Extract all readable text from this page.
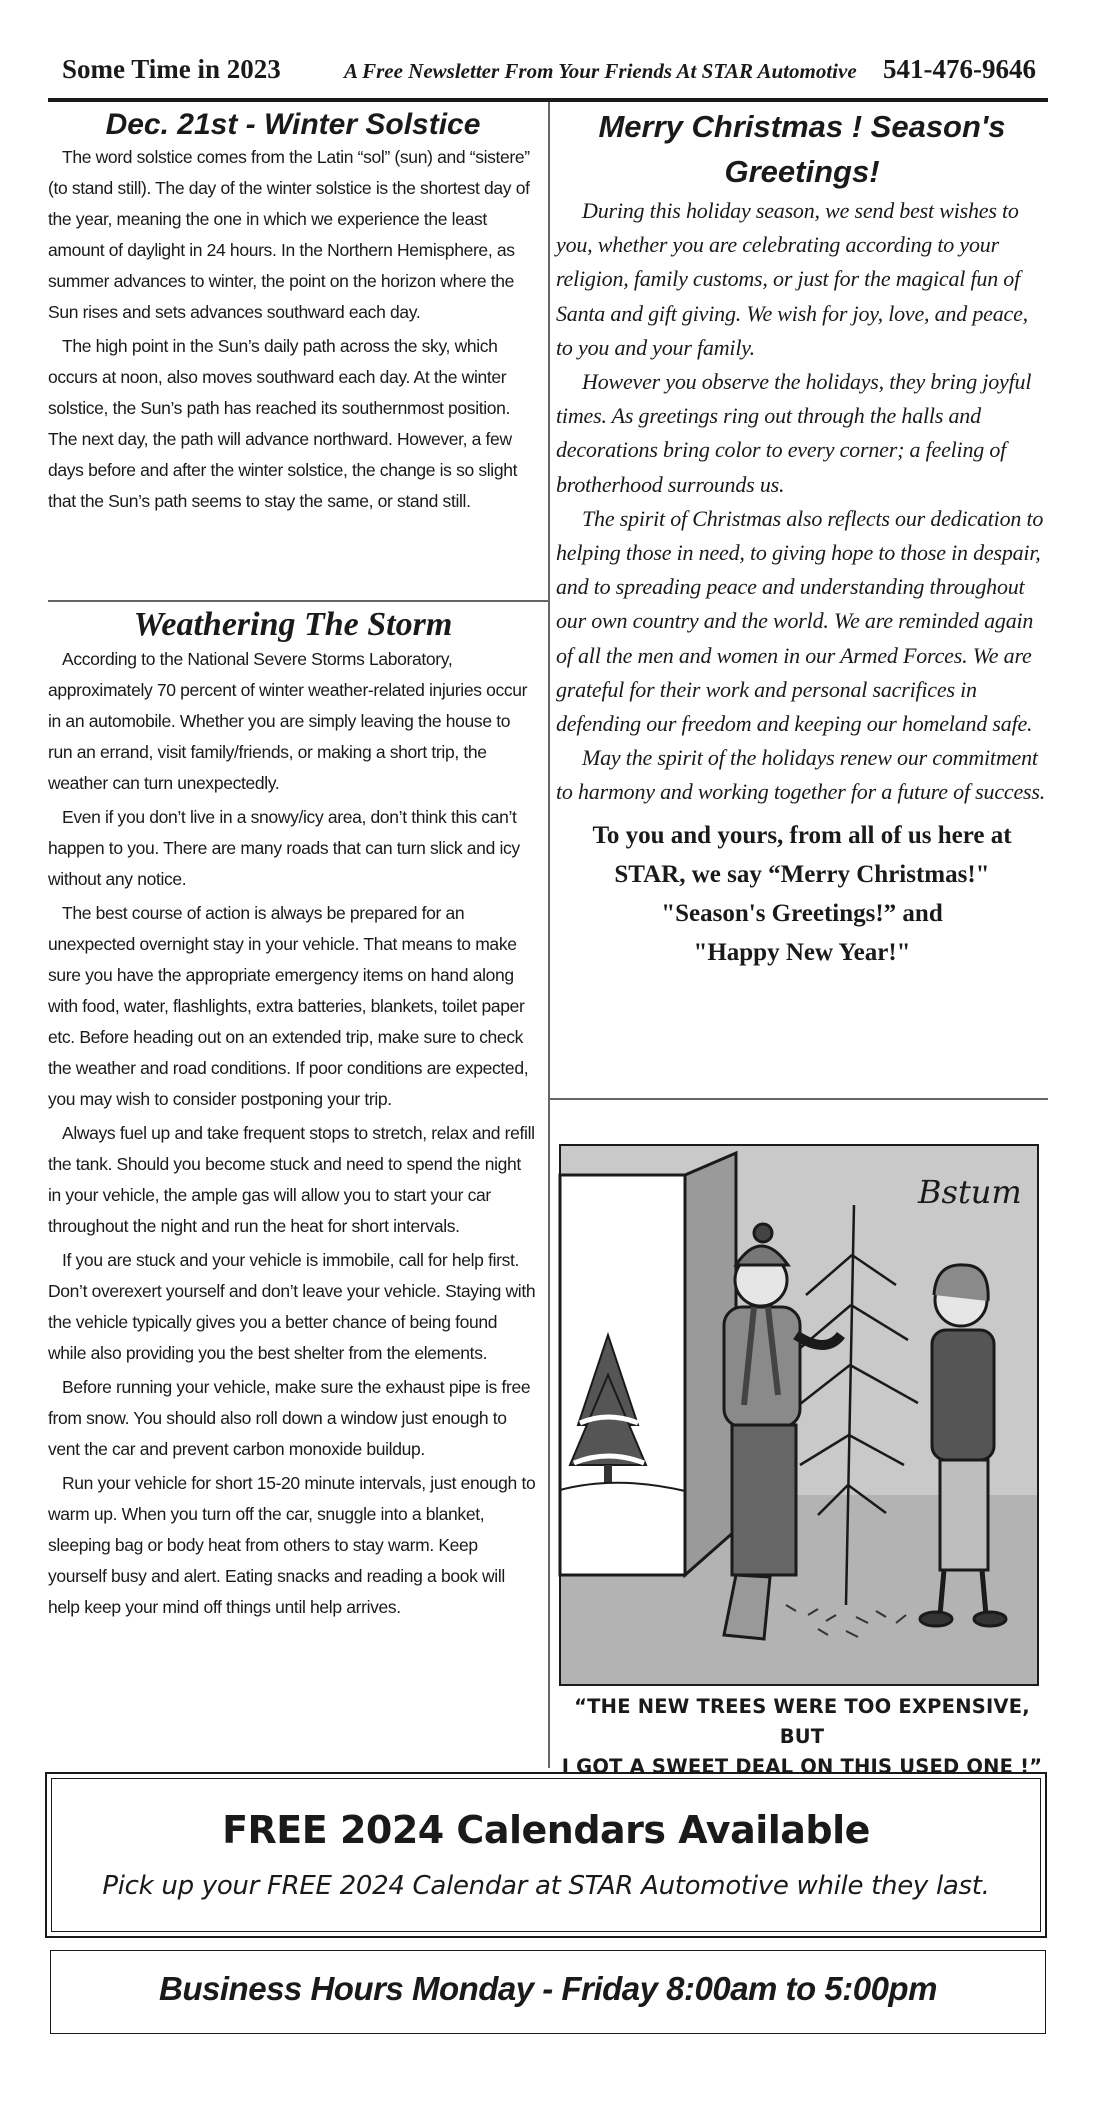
Some Time in 2023	A Free Newsletter From Your Friends At STAR Automotive 541-476-9646
Dec. 21st - Winter Solstice

The word solstice comes from the Latin “sol” (sun) and “sistere” (to stand still). The day of the winter solstice is the shortest day of the year, meaning the one in which we experience the least amount of daylight in 24 hours. In the Northern Hemisphere, as summer advances to winter, the point on the horizon where the Sun rises and sets advances southward each day.

The high point in the Sun’s daily path across the sky, which occurs at noon, also moves southward each day. At the winter solstice, the Sun’s path has reached its southernmost position. The next day, the path will advance northward. However, a few days before and after the winter solstice, the change is so slight that the Sun’s path seems to stay the same, or stand still.

Weathering The Storm

According to the National Severe Storms Laboratory, approximately 70 percent of winter weather-related injuries occur in an automobile. Whether you are simply leaving the house to run an errand, visit family/friends, or making a short trip, the weather can turn unexpectedly.

Even if you don’t live in a snowy/icy area, don’t think this can’t happen to you. There are many roads that can turn slick and icy without any notice.

The best course of action is always be prepared for an unexpected overnight stay in your vehicle. That means to make sure you have the appropriate emergency items on hand along with food, water, flashlights, extra batteries, blankets, toilet paper etc. Before heading out on an extended trip, make sure to check the weather and road conditions. If poor conditions are expected, you may wish to consider postponing your trip.

Always fuel up and take frequent stops to stretch, relax and refill the tank. Should you become stuck and need to spend the night in your vehicle, the ample gas will allow you to start your car throughout the night and run the heat for short intervals.

If you are stuck and your vehicle is immobile, call for help first. Don’t overexert yourself and don’t leave your vehicle. Staying with the vehicle typically gives you a better chance of being found while also providing you the best shelter from the elements.

Before running your vehicle, make sure the exhaust pipe is free from snow. You should also roll down a window just enough to vent the car and prevent carbon monoxide buildup.

Run your vehicle for short 15-20 minute intervals, just enough to warm up. When you turn off the car, snuggle into a blanket, sleeping bag or body heat from others to stay warm. Keep yourself busy and alert. Eating snacks and reading a book will help keep your mind off things until help arrives.

Merry Christmas ! Season's Greetings!

During this holiday season, we send best wishes to you, whether you are celebrating according to your religion, family customs, or just for the magical fun of Santa and gift giving. We wish for joy, love, and peace, to you and your family.

However you observe the holidays, they bring joyful times. As greetings ring out through the halls and decorations bring color to every corner; a feeling of brotherhood surrounds us.

The spirit of Christmas also reflects our dedication to helping those in need, to giving hope to those in despair, and to spreading peace and understanding throughout our own country and the world. We are reminded again of all the men and women in our Armed Forces. We are grateful for their work and personal sacrifices in defending our freedom and keeping our homeland safe.

May the spirit of the holidays renew our commitment to harmony and working together for a future of success.

To you and yours, from all of us here at STAR, we say “Merry Christmas!"
"Season's Greetings!” and
"Happy New Year!"
Bstum
“THE NEW TREES WERE TOO EXPENSIVE, BUT
I GOT A SWEET DEAL ON THIS USED ONE !”
FREE 2024 Calendars Available
Pick up your FREE 2024 Calendar at STAR Automotive while they last.
Business Hours Monday - Friday 8:00am to 5:00pm
